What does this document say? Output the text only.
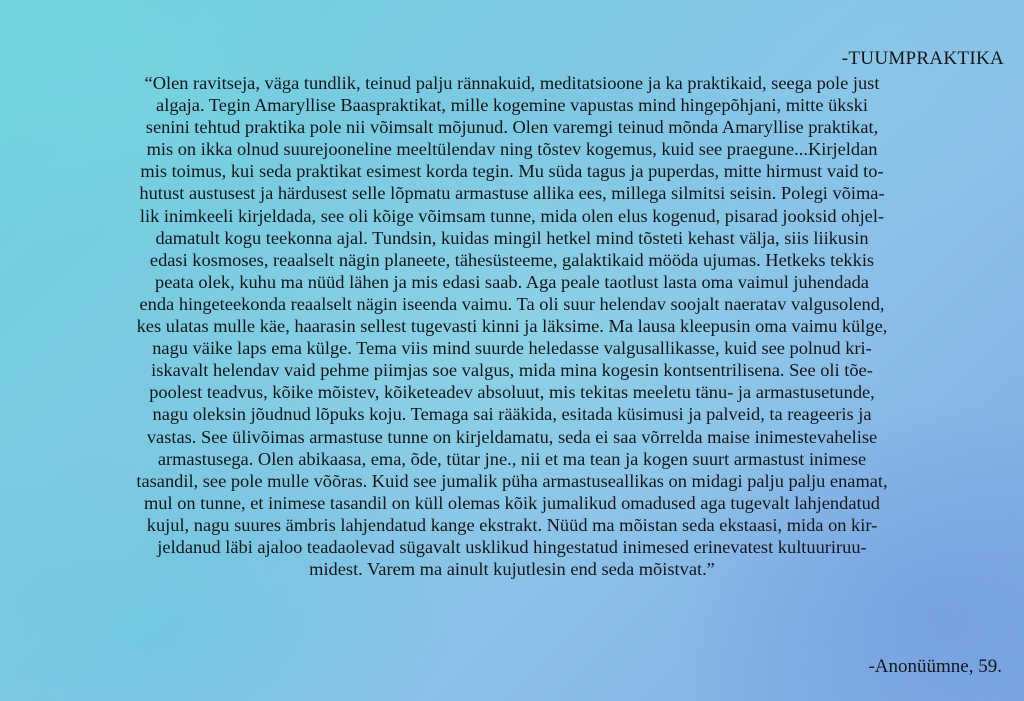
-TUUMPRAKTIKA

“Olen ravitseja, väga tundlik, teinud palju rännakuid, meditatsioone ja ka praktikaid, seega pole just
algaja. Tegin Amaryllise Baaspraktikat, mille kogemine vapustas mind hingepõhjani, mitte ükski
senini tehtud praktika pole nii võimsalt mõjunud. Olen varemgi teinud mõnda Amaryllise praktikat,
mis on ikka olnud suurejooneline meeltülendav ning tõstev kogemus, kuid see praegune...Kirjeldan
mis toimus, kui seda praktikat esimest korda tegin. Mu süda tagus ja puperdas, mitte hirmust vaid to-
hutust austusest ja härdusest selle lõpmatu armastuse allika ees, millega silmitsi seisin. Polegi võima-
lik inimkeeli kirjeldada, see oli kõige võimsam tunne, mida olen elus kogenud, pisarad jooksid ohjel-
damatult kogu teekonna ajal. Tundsin, kuidas mingil hetkel mind tõsteti kehast välja, siis liikusin
edasi kosmoses, reaalselt nägin planeete, tähesüsteeme, galaktikaid mööda ujumas. Hetkeks tekkis
peata olek, kuhu ma nüüd lähen ja mis edasi saab. Aga peale taotlust lasta oma vaimul juhendada
enda hingeteekonda reaalselt nägin iseenda vaimu. Ta oli suur helendav soojalt naeratav valgusolend,
kes ulatas mulle käe, haarasin sellest tugevasti kinni ja läksime. Ma lausa kleepusin oma vaimu külge,
nagu väike laps ema külge. Tema viis mind suurde heledasse valgusallikasse, kuid see polnud kri-
iskavalt helendav vaid pehme piimjas soe valgus, mida mina kogesin kontsentrilisena. See oli tõe-
poolest teadvus, kõike mõistev, kõiketeadev absoluut, mis tekitas meeletu tänu- ja armastusetunde,
nagu oleksin jõudnud lõpuks koju. Temaga sai rääkida, esitada küsimusi ja palveid, ta reageeris ja
vastas. See ülivõimas armastuse tunne on kirjeldamatu, seda ei saa võrrelda maise inimestevahelise
armastusega. Olen abikaasa, ema, õde, tütar jne., nii et ma tean ja kogen suurt armastust inimese
tasandil, see pole mulle võõras. Kuid see jumalik püha armastuseallikas on midagi palju palju enamat,
mul on tunne, et inimese tasandil on küll olemas kõik jumalikud omadused aga tugevalt lahjendatud
kujul, nagu suures ämbris lahjendatud kange ekstrakt. Nüüd ma mõistan seda ekstaasi, mida on kir-
jeldanud läbi ajaloo teadaolevad sügavalt usklikud hingestatud inimesed erinevatest kultuuriruu-
midest. Varem ma ainult kujutlesin end seda mõistvat.”

-Anonüümne, 59.
